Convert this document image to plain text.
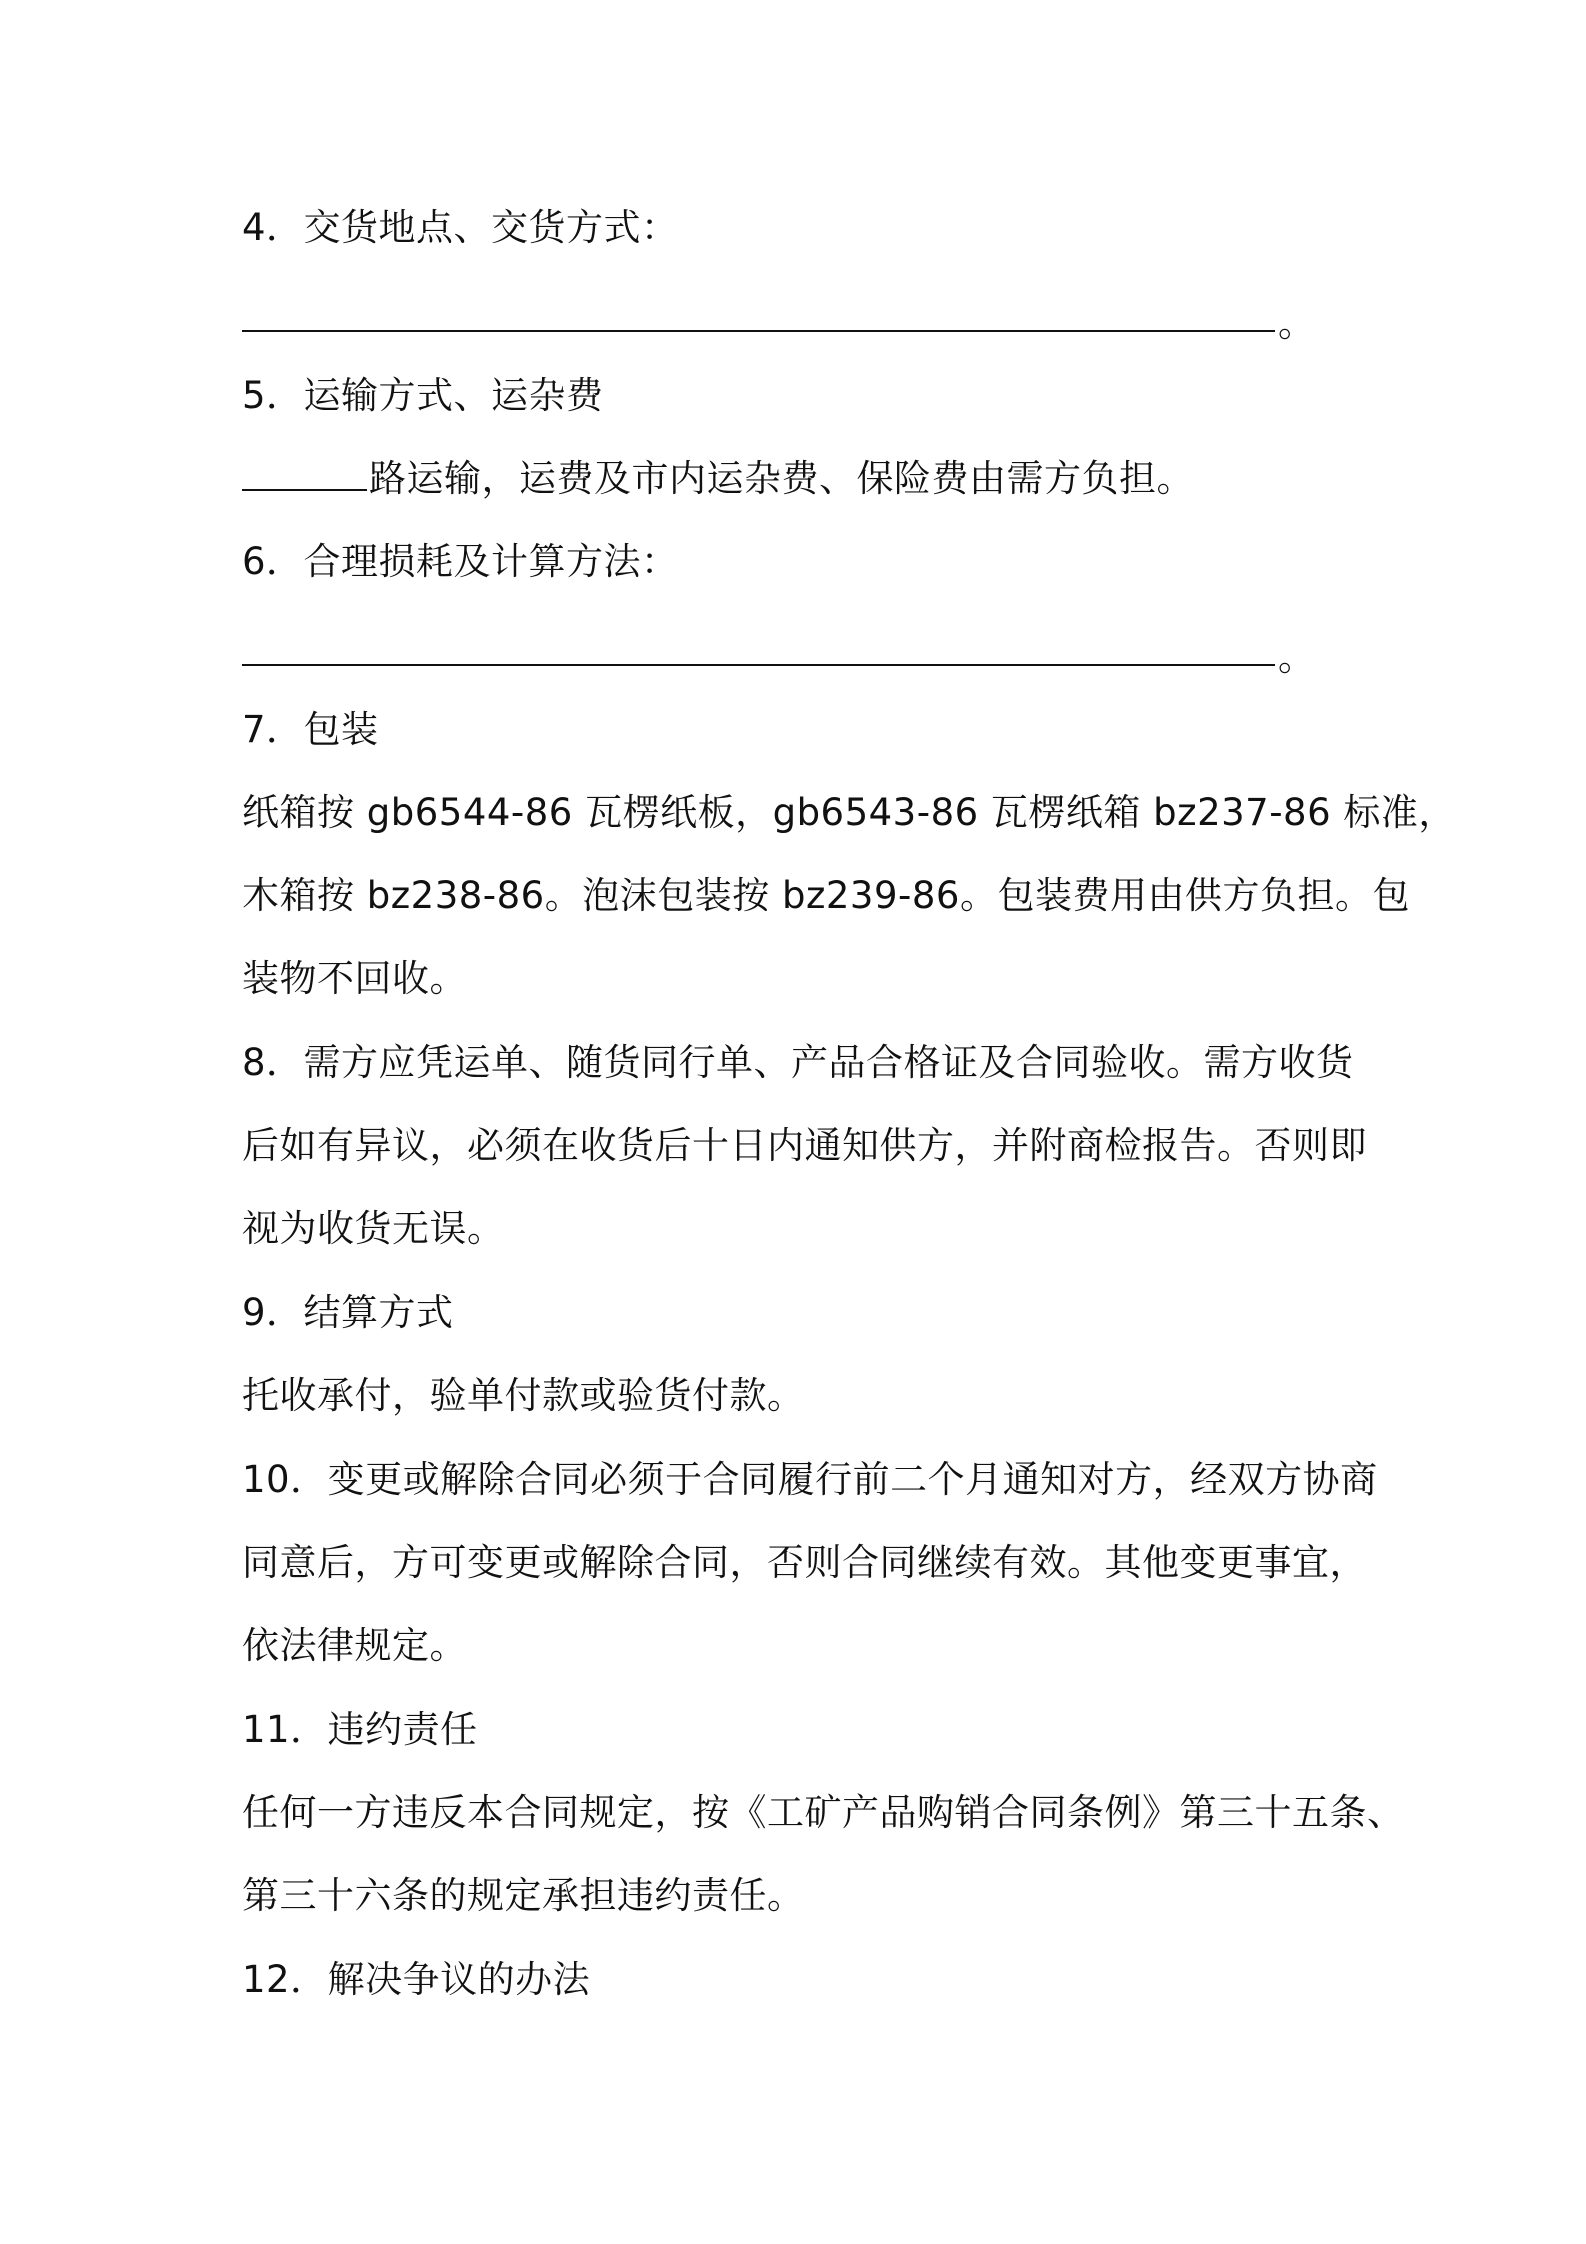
4．交货地点、交货方式：
。
5．运输方式、运杂费
路运输，运费及市内运杂费、保险费由需方负担。
6．合理损耗及计算方法：
。
7．包装
纸箱按 gb6544-86 瓦楞纸板，gb6543-86 瓦楞纸箱 bz237-86 标准，
木箱按 bz238-86。泡沫包装按 bz239-86。包装费用由供方负担。包
装物不回收。
8．需方应凭运单、随货同行单、产品合格证及合同验收。需方收货
后如有异议，必须在收货后十日内通知供方，并附商检报告。否则即
视为收货无误。
9．结算方式
托收承付，验单付款或验货付款。
10．变更或解除合同必须于合同履行前二个月通知对方，经双方协商
同意后，方可变更或解除合同，否则合同继续有效。其他变更事宜，
依法律规定。
11．违约责任
任何一方违反本合同规定，按《工矿产品购销合同条例》第三十五条、
第三十六条的规定承担违约责任。
12．解决争议的办法
